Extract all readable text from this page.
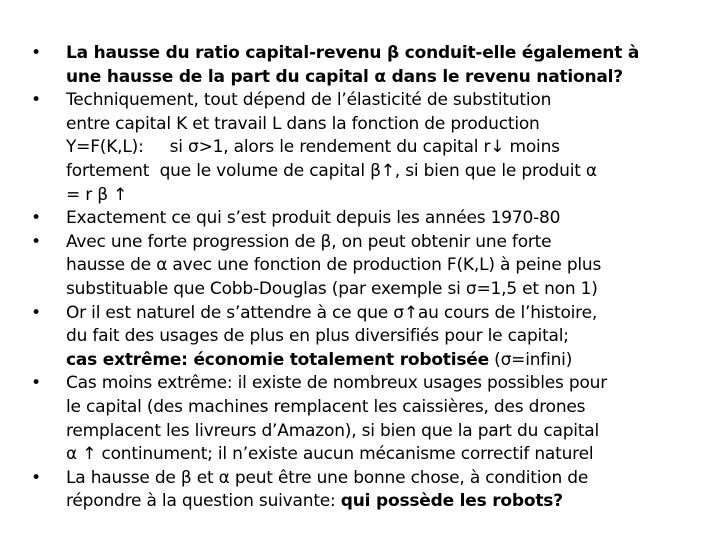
• La hausse du ratio capital-revenu β conduit-elle également à
une hausse de la part du capital α dans le revenu national?
• Techniquement, tout dépend de l’élasticité de substitution
entre capital K et travail L dans la fonction de production
Y=F(K,L):     si σ>1, alors le rendement du capital r↓ moins
fortement  que le volume de capital β↑, si bien que le produit α
= r β ↑
• Exactement ce qui s’est produit depuis les années 1970-80
• Avec une forte progression de β, on peut obtenir une forte
hausse de α avec une fonction de production F(K,L) à peine plus
substituable que Cobb-Douglas (par exemple si σ=1,5 et non 1)
• Or il est naturel de s’attendre à ce que σ↑au cours de l’histoire,
du fait des usages de plus en plus diversifiés pour le capital;
cas extrême: économie totalement robotisée (σ=infini)
• Cas moins extrême: il existe de nombreux usages possibles pour
le capital (des machines remplacent les caissières, des drones
remplacent les livreurs d’Amazon), si bien que la part du capital
α ↑ continument; il n’existe aucun mécanisme correctif naturel
• La hausse de β et α peut être une bonne chose, à condition de
répondre à la question suivante: qui possède les robots?
